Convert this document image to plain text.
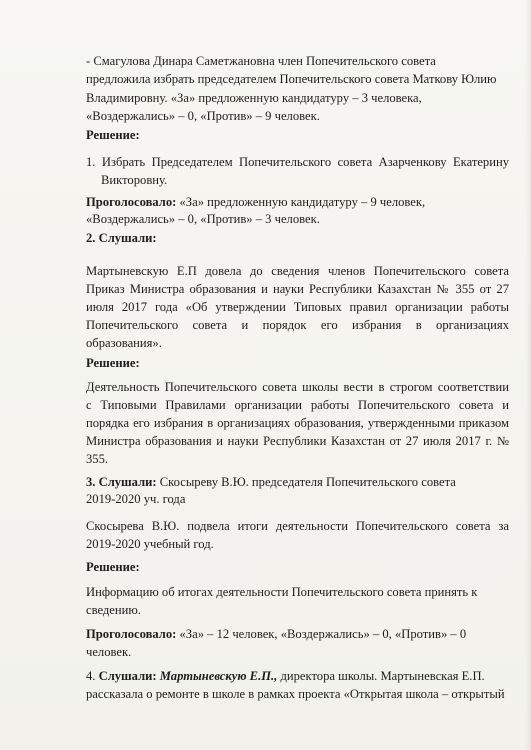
- Смагулова Динара Саметжановна член Попечительского совета
предложила избрать председателем Попечительского совета Маткову Юлию
Владимировну. «За» предложенную кандидатуру – 3 человека,
«Воздержались» – 0, «Против» – 9 человек.
Решение:
1. Избрать Председателем Попечительского совета Азарченкову Екатерину
Викторовну.
Проголосовало: «За» предложенную кандидатуру – 9 человек,
«Воздержались» – 0, «Против» – 3 человек.
2. Слушали:
Мартыневскую Е.П довела до сведения членов Попечительского совета
Приказ Министра образования и науки Республики Казахстан № 355 от 27
июля 2017 года «Об утверждении Типовых правил организации работы
Попечительского совета и порядок его избрания в организациях
образования».
Решение:
Деятельность Попечительского совета школы вести в строгом соответствии
с Типовыми Правилами организации работы Попечительского совета и
порядка его избрания в организациях образования, утвержденными приказом
Министра образования и науки Республики Казахстан от 27 июля 2017 г. №
355.
3. Слушали: Скосыреву В.Ю. председателя Попечительского совета
2019-2020 уч. года
Скосырева В.Ю. подвела итоги деятельности Попечительского совета за
2019-2020 учебный год.
Решение:
Информацию об итогах деятельности Попечительского совета принять к
сведению.
Проголосовало: «За» – 12 человек, «Воздержались» – 0, «Против» – 0
человек.
4. Слушали: Мартыневскую Е.П., директора школы. Мартыневская Е.П.
рассказала о ремонте в школе в рамках проекта «Открытая школа – открытый
